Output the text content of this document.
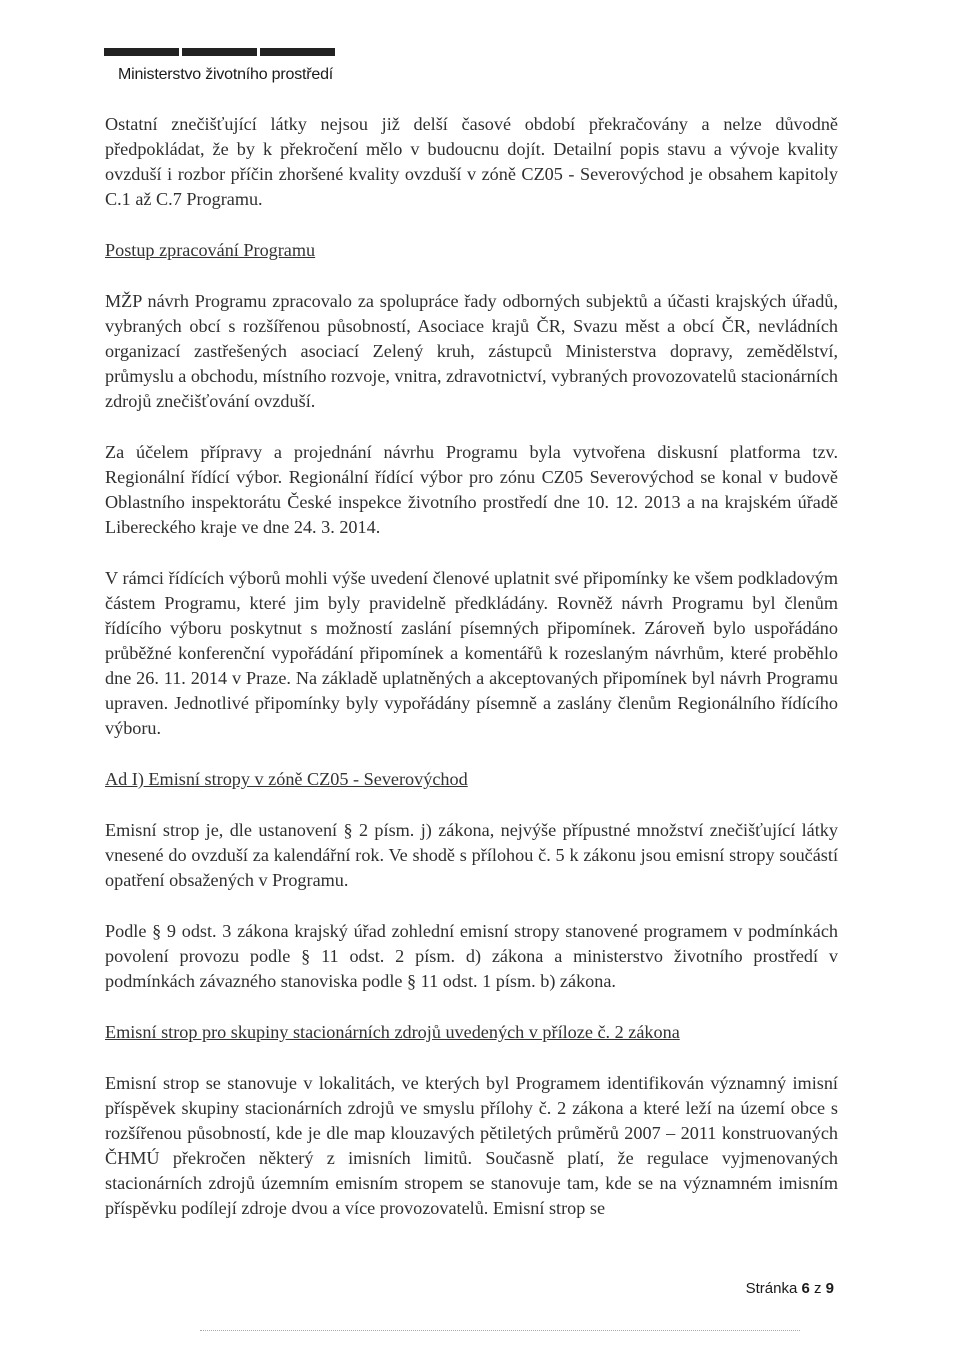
Ministerstvo životního prostředí

Ostatní znečišťující látky nejsou již delší časové období překračovány a nelze důvodně předpokládat, že by k překročení mělo v budoucnu dojít. Detailní popis stavu a vývoje kvality ovzduší i rozbor příčin zhoršené kvality ovzduší v zóně CZ05 - Severovýchod je obsahem kapitoly C.1 až C.7 Programu.

Postup zpracování Programu

MŽP návrh Programu zpracovalo za spolupráce řady odborných subjektů a účasti krajských úřadů, vybraných obcí s rozšířenou působností, Asociace krajů ČR, Svazu měst a obcí ČR, nevládních organizací zastřešených asociací Zelený kruh, zástupců Ministerstva dopravy, zemědělství, průmyslu a obchodu, místního rozvoje, vnitra, zdravotnictví, vybraných provozovatelů stacionárních zdrojů znečišťování ovzduší.

Za účelem přípravy a projednání návrhu Programu byla vytvořena diskusní platforma tzv. Regionální řídící výbor. Regionální řídící výbor pro zónu CZ05 Severovýchod se konal v budově Oblastního inspektorátu České inspekce životního prostředí dne 10. 12. 2013 a na krajském úřadě Libereckého kraje ve dne 24. 3. 2014.

V rámci řídících výborů mohli výše uvedení členové uplatnit své připomínky ke všem podkladovým částem Programu, které jim byly pravidelně předkládány. Rovněž návrh Programu byl členům řídícího výboru poskytnut s možností zaslání písemných připomínek. Zároveň bylo uspořádáno průběžné konferenční vypořádání připomínek a komentářů k rozeslaným návrhům, které proběhlo dne 26. 11. 2014 v Praze. Na základě uplatněných a akceptovaných připomínek byl návrh Programu upraven. Jednotlivé připomínky byly vypořádány písemně a zaslány členům Regionálního řídícího výboru.

Ad I) Emisní stropy v zóně CZ05 - Severovýchod

Emisní strop je, dle ustanovení § 2 písm. j) zákona, nejvýše přípustné množství znečišťující látky vnesené do ovzduší za kalendářní rok. Ve shodě s přílohou č. 5 k zákonu jsou emisní stropy součástí opatření obsažených v Programu.

Podle § 9 odst. 3 zákona krajský úřad zohlední emisní stropy stanovené programem v podmínkách povolení provozu podle § 11 odst. 2 písm. d) zákona a ministerstvo životního prostředí v podmínkách závazného stanoviska podle § 11 odst. 1 písm. b) zákona.

Emisní strop pro skupiny stacionárních zdrojů uvedených v příloze č. 2 zákona

Emisní strop se stanovuje v lokalitách, ve kterých byl Programem identifikován významný imisní příspěvek skupiny stacionárních zdrojů ve smyslu přílohy č. 2 zákona a které leží na území obce s rozšířenou působností, kde je dle map klouzavých pětiletých průměrů 2007 – 2011 konstruovaných ČHMÚ překročen některý z imisních limitů. Současně platí, že regulace vyjmenovaných stacionárních zdrojů územním emisním stropem se stanovuje tam, kde se na významném imisním příspěvku podílejí zdroje dvou a více provozovatelů. Emisní strop se

Stránka 6 z 9
